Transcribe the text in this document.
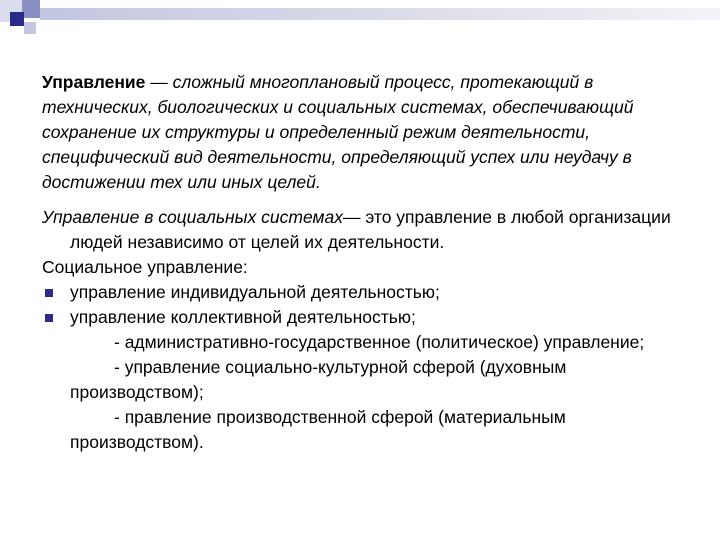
Управление — сложный многоплановый процесс, протекающий в технических, биологических и социальных системах, обеспечивающий сохранение их структуры и определенный режим деятельности, специфический вид деятельности, определяющий успех или неудачу в достижении тех или иных целей.

Управление в социальных системах— это управление в любой организации людей независимо от целей их деятельности.

Социальное управление:

управление индивидуальной деятельностью;

управление коллективной деятельностью;

- административно-государственное (политическое) управление;

- управление социально-культурной сферой (духовным производством);

- правление производственной сферой (материальным производством).
